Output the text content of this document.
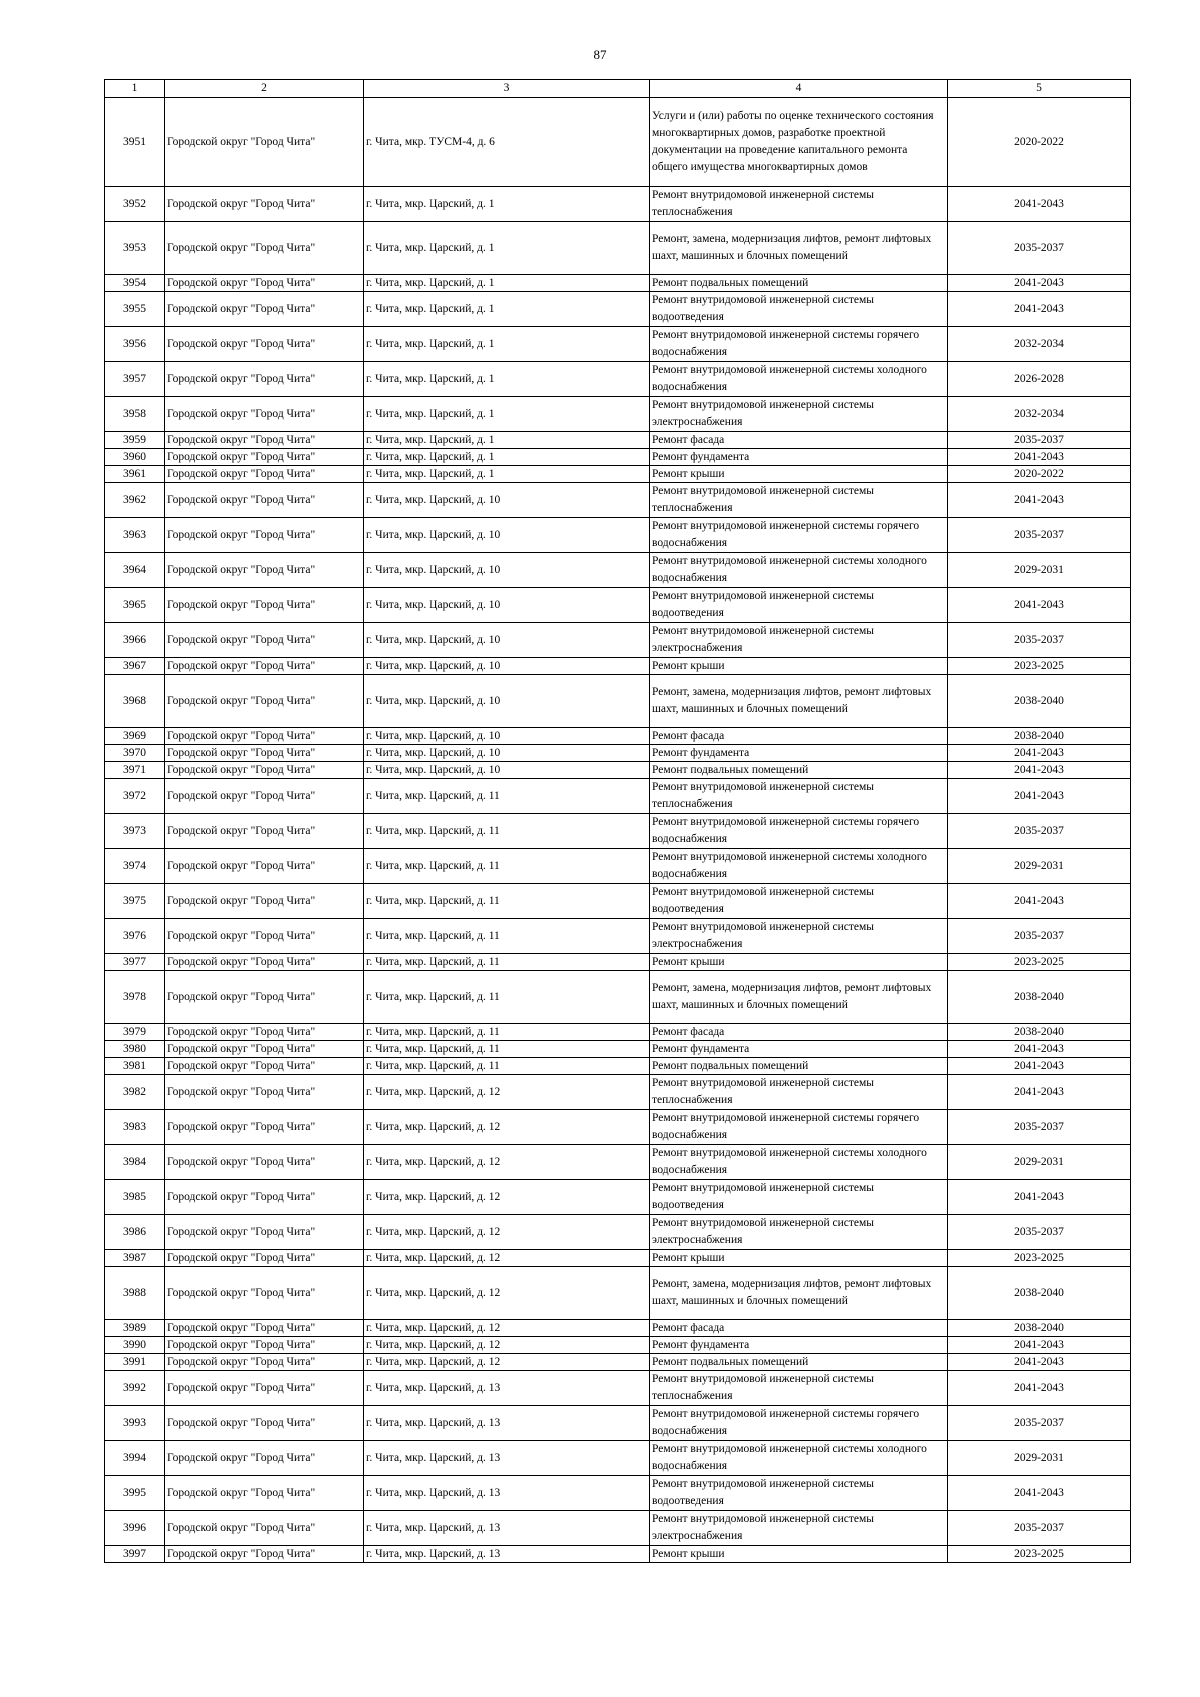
87
1	2	3	4	5
3951	Городской округ "Город Чита"	г. Чита, мкр. ТУСМ-4, д. 6	Услуги и (или) работы по оценке технического состояния многоквартирных домов, разработке проектной документации на проведение капитального ремонта общего имущества многоквартирных домов	2020-2022
3952	Городской округ "Город Чита"	г. Чита, мкр. Царский, д. 1	Ремонт внутридомовой инженерной системы теплоснабжения	2041-2043
3953	Городской округ "Город Чита"	г. Чита, мкр. Царский, д. 1	Ремонт, замена, модернизация лифтов, ремонт лифтовых шахт, машинных и блочных помещений	2035-2037
3954	Городской округ "Город Чита"	г. Чита, мкр. Царский, д. 1	Ремонт подвальных помещений	2041-2043
3955	Городской округ "Город Чита"	г. Чита, мкр. Царский, д. 1	Ремонт внутридомовой инженерной системы водоотведения	2041-2043
3956	Городской округ "Город Чита"	г. Чита, мкр. Царский, д. 1	Ремонт внутридомовой инженерной системы горячего водоснабжения	2032-2034
3957	Городской округ "Город Чита"	г. Чита, мкр. Царский, д. 1	Ремонт внутридомовой инженерной системы холодного водоснабжения	2026-2028
3958	Городской округ "Город Чита"	г. Чита, мкр. Царский, д. 1	Ремонт внутридомовой инженерной системы электроснабжения	2032-2034
3959	Городской округ "Город Чита"	г. Чита, мкр. Царский, д. 1	Ремонт фасада	2035-2037
3960	Городской округ "Город Чита"	г. Чита, мкр. Царский, д. 1	Ремонт фундамента	2041-2043
3961	Городской округ "Город Чита"	г. Чита, мкр. Царский, д. 1	Ремонт крыши	2020-2022
3962	Городской округ "Город Чита"	г. Чита, мкр. Царский, д. 10	Ремонт внутридомовой инженерной системы теплоснабжения	2041-2043
3963	Городской округ "Город Чита"	г. Чита, мкр. Царский, д. 10	Ремонт внутридомовой инженерной системы горячего водоснабжения	2035-2037
3964	Городской округ "Город Чита"	г. Чита, мкр. Царский, д. 10	Ремонт внутридомовой инженерной системы холодного водоснабжения	2029-2031
3965	Городской округ "Город Чита"	г. Чита, мкр. Царский, д. 10	Ремонт внутридомовой инженерной системы водоотведения	2041-2043
3966	Городской округ "Город Чита"	г. Чита, мкр. Царский, д. 10	Ремонт внутридомовой инженерной системы электроснабжения	2035-2037
3967	Городской округ "Город Чита"	г. Чита, мкр. Царский, д. 10	Ремонт крыши	2023-2025
3968	Городской округ "Город Чита"	г. Чита, мкр. Царский, д. 10	Ремонт, замена, модернизация лифтов, ремонт лифтовых шахт, машинных и блочных помещений	2038-2040
3969	Городской округ "Город Чита"	г. Чита, мкр. Царский, д. 10	Ремонт фасада	2038-2040
3970	Городской округ "Город Чита"	г. Чита, мкр. Царский, д. 10	Ремонт фундамента	2041-2043
3971	Городской округ "Город Чита"	г. Чита, мкр. Царский, д. 10	Ремонт подвальных помещений	2041-2043
3972	Городской округ "Город Чита"	г. Чита, мкр. Царский, д. 11	Ремонт внутридомовой инженерной системы теплоснабжения	2041-2043
3973	Городской округ "Город Чита"	г. Чита, мкр. Царский, д. 11	Ремонт внутридомовой инженерной системы горячего водоснабжения	2035-2037
3974	Городской округ "Город Чита"	г. Чита, мкр. Царский, д. 11	Ремонт внутридомовой инженерной системы холодного водоснабжения	2029-2031
3975	Городской округ "Город Чита"	г. Чита, мкр. Царский, д. 11	Ремонт внутридомовой инженерной системы водоотведения	2041-2043
3976	Городской округ "Город Чита"	г. Чита, мкр. Царский, д. 11	Ремонт внутридомовой инженерной системы электроснабжения	2035-2037
3977	Городской округ "Город Чита"	г. Чита, мкр. Царский, д. 11	Ремонт крыши	2023-2025
3978	Городской округ "Город Чита"	г. Чита, мкр. Царский, д. 11	Ремонт, замена, модернизация лифтов, ремонт лифтовых шахт, машинных и блочных помещений	2038-2040
3979	Городской округ "Город Чита"	г. Чита, мкр. Царский, д. 11	Ремонт фасада	2038-2040
3980	Городской округ "Город Чита"	г. Чита, мкр. Царский, д. 11	Ремонт фундамента	2041-2043
3981	Городской округ "Город Чита"	г. Чита, мкр. Царский, д. 11	Ремонт подвальных помещений	2041-2043
3982	Городской округ "Город Чита"	г. Чита, мкр. Царский, д. 12	Ремонт внутридомовой инженерной системы теплоснабжения	2041-2043
3983	Городской округ "Город Чита"	г. Чита, мкр. Царский, д. 12	Ремонт внутридомовой инженерной системы горячего водоснабжения	2035-2037
3984	Городской округ "Город Чита"	г. Чита, мкр. Царский, д. 12	Ремонт внутридомовой инженерной системы холодного водоснабжения	2029-2031
3985	Городской округ "Город Чита"	г. Чита, мкр. Царский, д. 12	Ремонт внутридомовой инженерной системы водоотведения	2041-2043
3986	Городской округ "Город Чита"	г. Чита, мкр. Царский, д. 12	Ремонт внутридомовой инженерной системы электроснабжения	2035-2037
3987	Городской округ "Город Чита"	г. Чита, мкр. Царский, д. 12	Ремонт крыши	2023-2025
3988	Городской округ "Город Чита"	г. Чита, мкр. Царский, д. 12	Ремонт, замена, модернизация лифтов, ремонт лифтовых шахт, машинных и блочных помещений	2038-2040
3989	Городской округ "Город Чита"	г. Чита, мкр. Царский, д. 12	Ремонт фасада	2038-2040
3990	Городской округ "Город Чита"	г. Чита, мкр. Царский, д. 12	Ремонт фундамента	2041-2043
3991	Городской округ "Город Чита"	г. Чита, мкр. Царский, д. 12	Ремонт подвальных помещений	2041-2043
3992	Городской округ "Город Чита"	г. Чита, мкр. Царский, д. 13	Ремонт внутридомовой инженерной системы теплоснабжения	2041-2043
3993	Городской округ "Город Чита"	г. Чита, мкр. Царский, д. 13	Ремонт внутридомовой инженерной системы горячего водоснабжения	2035-2037
3994	Городской округ "Город Чита"	г. Чита, мкр. Царский, д. 13	Ремонт внутридомовой инженерной системы холодного водоснабжения	2029-2031
3995	Городской округ "Город Чита"	г. Чита, мкр. Царский, д. 13	Ремонт внутридомовой инженерной системы водоотведения	2041-2043
3996	Городской округ "Город Чита"	г. Чита, мкр. Царский, д. 13	Ремонт внутридомовой инженерной системы электроснабжения	2035-2037
3997	Городской округ "Город Чита"	г. Чита, мкр. Царский, д. 13	Ремонт крыши	2023-2025
